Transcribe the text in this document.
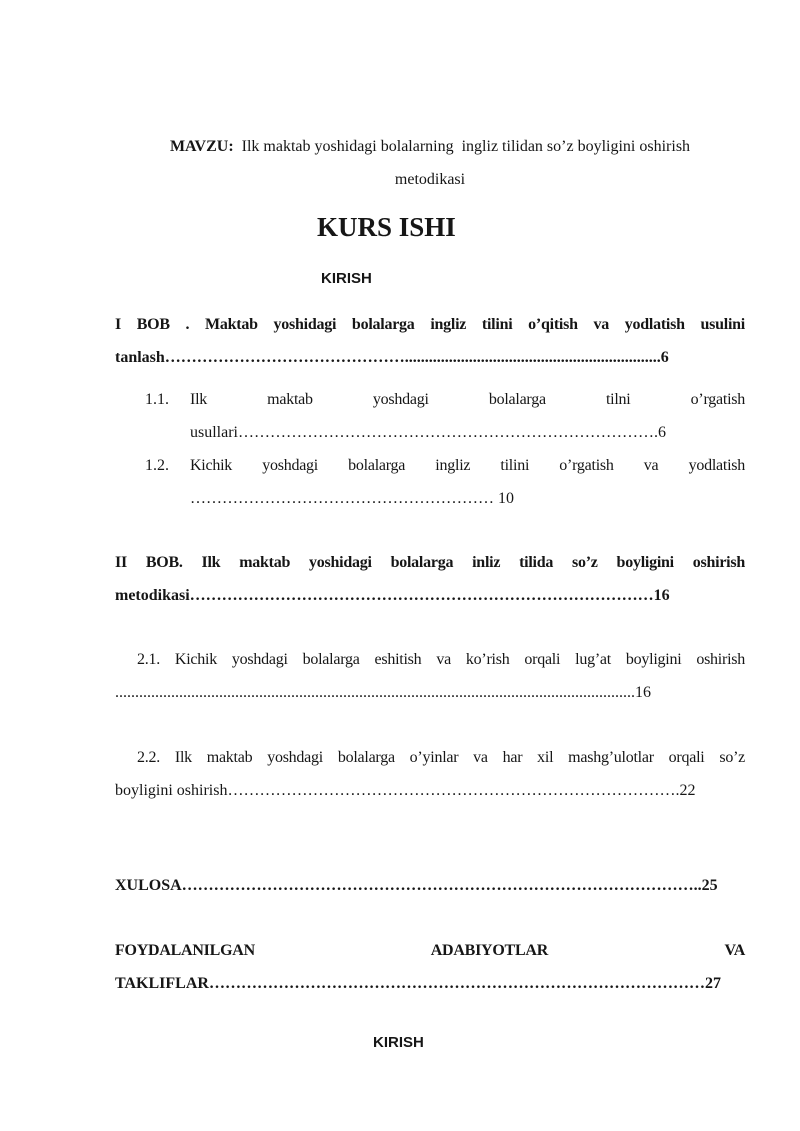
MAVZU:  Ilk maktab yoshidagi bolalarning  ingliz tilidan so’z boyligini oshirish
metodikasi
KURS ISHI
KIRISH
I BOB . Maktab yoshidagi bolalarga ingliz tilini o’qitish va yodlatish usulini
tanlash………………………………………................................................................6
1.1.	Ilk maktab yoshdagi bolalarga tilni o’rgatish
usullari…………………………………………………………………….6
1.2.	Kichik yoshdagi bolalarga ingliz tilini o’rgatish va yodlatish
………………………………………………… 10
II BOB. Ilk maktab yoshidagi bolalarga inliz tilida so’z boyligini oshirish
metodikasi……………………………………………………………………………16
2.1. Kichik yoshdagi bolalarga eshitish va ko’rish orqali lug’at boyligini oshirish
..................................................................................................................................16
2.2. Ilk maktab yoshdagi bolalarga o’yinlar va har xil mashg’ulotlar orqali so’z
boyligini oshirish………………………………………………………………………….22
XULOSA……………………………………………………………………………………..25
FOYDALANILGAN ADABIYOTLAR VA
TAKLIFLAR…………………………………………………………………………………27
KIRISH
